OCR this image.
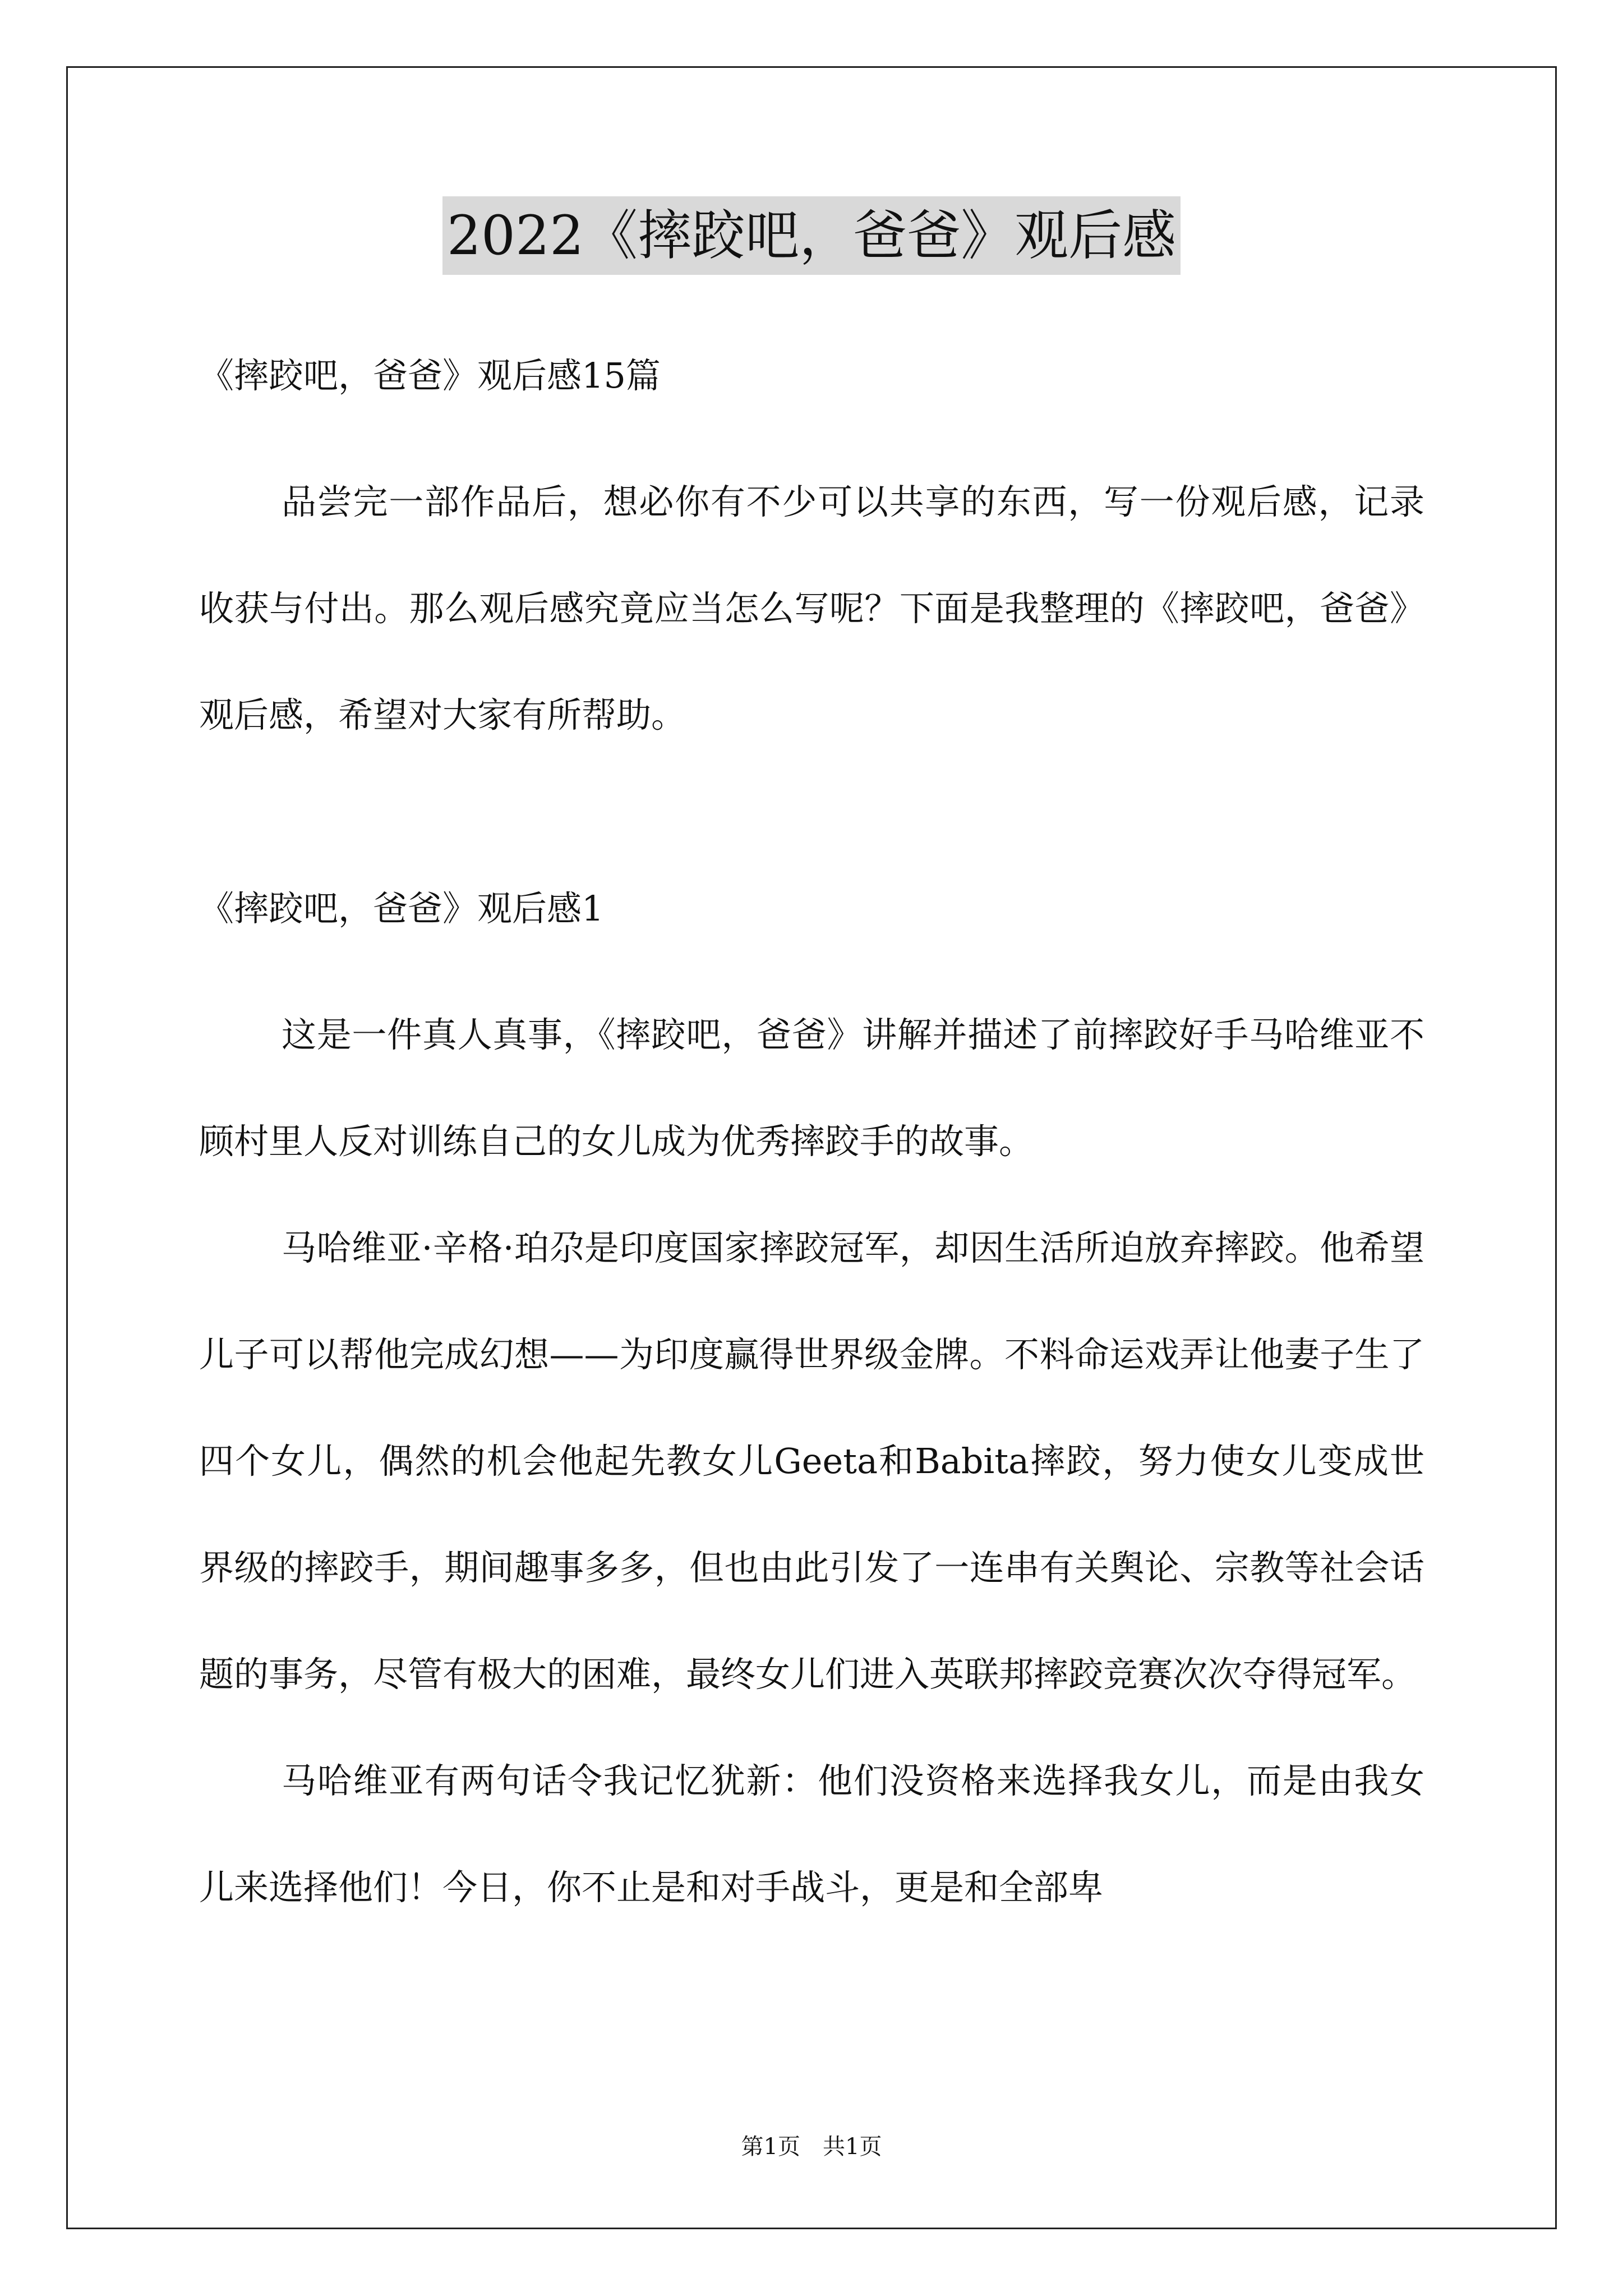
2022《摔跤吧，爸爸》观后感

《摔跤吧，爸爸》观后感15篇

品尝完一部作品后，想必你有不少可以共享的东西，写一份观后感，记录收获与付出。那么观后感究竟应当怎么写呢？下面是我整理的《摔跤吧，爸爸》观后感，希望对大家有所帮助。

《摔跤吧，爸爸》观后感1

这是一件真人真事，《摔跤吧，爸爸》讲解并描述了前摔跤好手马哈维亚不顾村里人反对训练自己的女儿成为优秀摔跤手的故事。

马哈维亚·辛格·珀尕是印度国家摔跤冠军，却因生活所迫放弃摔跤。他希望儿子可以帮他完成幻想——为印度赢得世界级金牌。不料命运戏弄让他妻子生了四个女儿，偶然的机会他起先教女儿Geeta和Babita摔跤，努力使女儿变成世界级的摔跤手，期间趣事多多，但也由此引发了一连串有关舆论、宗教等社会话题的事务，尽管有极大的困难，最终女儿们进入英联邦摔跤竞赛次次夺得冠军。

马哈维亚有两句话令我记忆犹新：他们没资格来选择我女儿，而是由我女儿来选择他们！今日，你不止是和对手战斗，更是和全部卑

第1页　共1页
